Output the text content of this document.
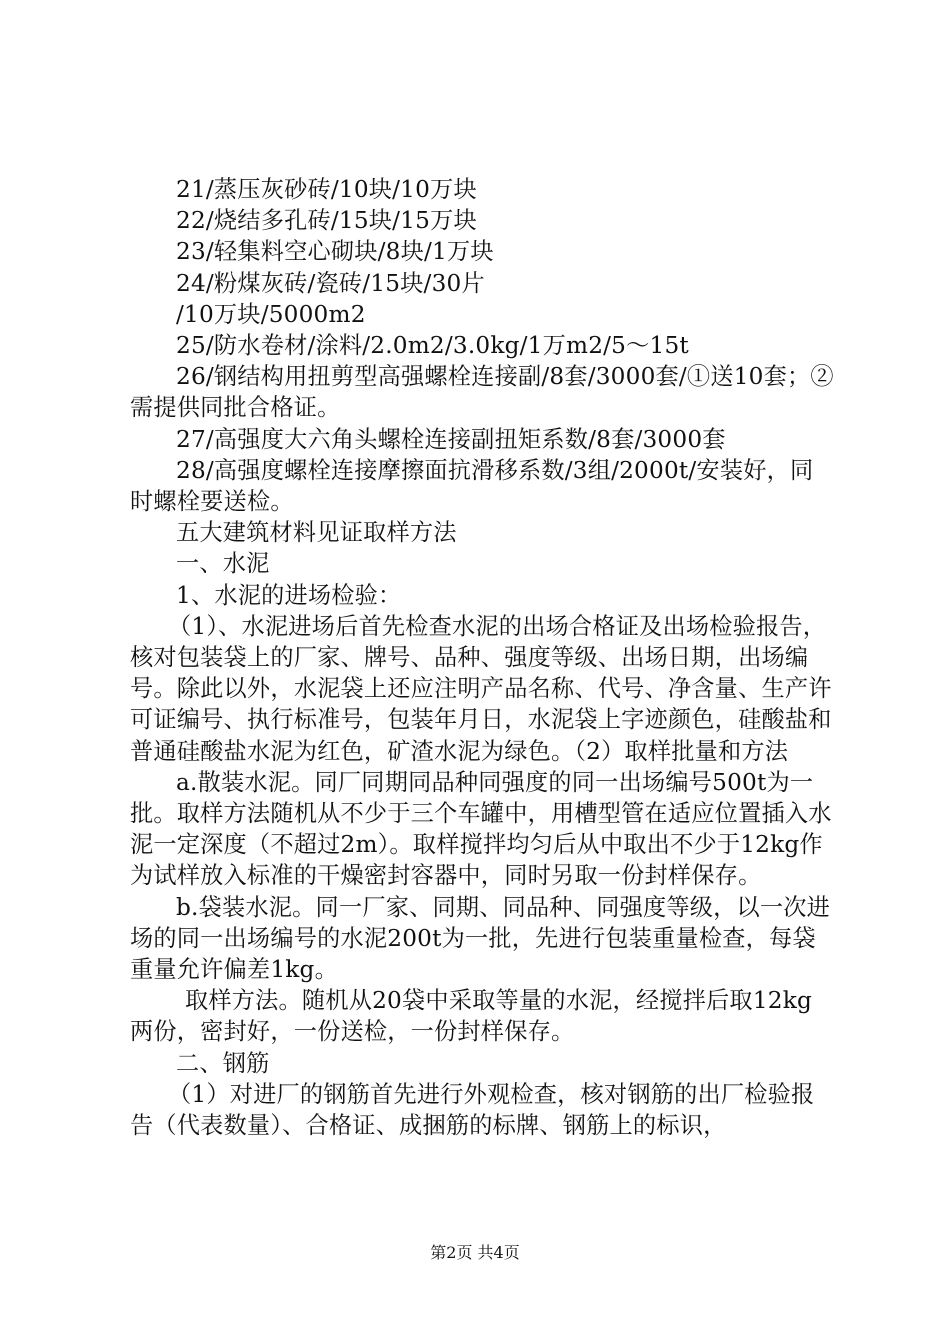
21/蒸压灰砂砖/10块/10万块

22/烧结多孔砖/15块/15万块

23/轻集料空心砌块/8块/1万块

24/粉煤灰砖/瓷砖/15块/30片

/10万块/5000m2

25/防水卷材/涂料/2.0m2/3.0kg/1万m2/5～15t

26/钢结构用扭剪型高强螺栓连接副/8套/3000套/①送10套；②需提供同批合格证。

27/高强度大六角头螺栓连接副扭矩系数/8套/3000套

28/高强度螺栓连接摩擦面抗滑移系数/3组/2000t/安装好，同时螺栓要送检。

五大建筑材料见证取样方法

一、水泥

1、水泥的进场检验：

（1）、水泥进场后首先检查水泥的出场合格证及出场检验报告，核对包装袋上的厂家、牌号、品种、强度等级、出场日期，出场编号。除此以外，水泥袋上还应注明产品名称、代号、净含量、生产许可证编号、执行标准号，包装年月日，水泥袋上字迹颜色，硅酸盐和普通硅酸盐水泥为红色，矿渣水泥为绿色。（2）取样批量和方法

a.散装水泥。同厂同期同品种同强度的同一出场编号500t为一批。取样方法随机从不少于三个车罐中，用槽型管在适应位置插入水泥一定深度（不超过2m）。取样搅拌均匀后从中取出不少于12kg作为试样放入标准的干燥密封容器中，同时另取一份封样保存。

b.袋装水泥。同一厂家、同期、同品种、同强度等级，以一次进场的同一出场编号的水泥200t为一批，先进行包装重量检查，每袋重量允许偏差1kg。

取样方法。随机从20袋中采取等量的水泥，经搅拌后取12kg两份，密封好，一份送检，一份封样保存。

二、钢筋

（1）对进厂的钢筋首先进行外观检查，核对钢筋的出厂检验报告（代表数量）、合格证、成捆筋的标牌、钢筋上的标识，

第2页 共4页
